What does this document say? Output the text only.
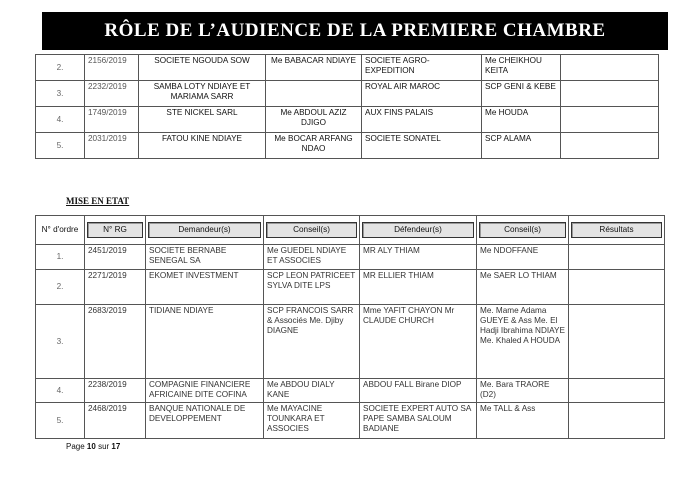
RÔLE DE L’AUDIENCE DE LA PREMIERE CHAMBRE
2.	2156/2019	SOCIETE NGOUDA SOW	Me BABACAR NDIAYE	SOCIETE AGRO-EXPEDITION	Me CHEIKHOU KEITA	
3.	2232/2019	SAMBA LOTY NDIAYE ET MARIAMA SARR		ROYAL AIR MAROC	SCP GENI & KEBE	
4.	1749/2019	STE NICKEL SARL	Me ABDOUL AZIZ DJIGO	AUX FINS PALAIS	Me HOUDA	
5.	2031/2019	FATOU KINE NDIAYE	Me BOCAR ARFANG NDAO	SOCIETE SONATEL	SCP ALAMA	
MISE EN ETAT
N° d'ordre	N° RG	Demandeur(s)	Conseil(s)	Défendeur(s)	Conseil(s)	Résultats

1.	2451/2019	SOCIETE BERNABE SENEGAL SA	Me GUEDEL NDIAYE ET ASSOCIES	MR ALY THIAM	Me NDOFFANE	
2.	2271/2019	EKOMET INVESTMENT	SCP LEON PATRICEET SYLVA DITE LPS	MR ELLIER THIAM	Me SAER LO THIAM	
3.	2683/2019	TIDIANE NDIAYE	SCP FRANCOIS SARR & Associés Me. Djiby DIAGNE	Mme YAFIT CHAYON Mr CLAUDE CHURCH	Me. Mame Adama GUEYE & Ass Me. El Hadji Ibrahima NDIAYE Me. Khaled A HOUDA	
4.	2238/2019	COMPAGNIE FINANCIERE AFRICAINE DITE COFINA	Me ABDOU DIALY KANE	ABDOU FALL Birane DIOP	Me. Bara TRAORE (D2)	
5.	2468/2019	BANQUE NATIONALE DE DEVELOPPEMENT	Me MAYACINE TOUNKARA ET ASSOCIES	SOCIETE EXPERT AUTO SA PAPE SAMBA SALOUM BADIANE	Me TALL & Ass	
Page 10 sur 17
